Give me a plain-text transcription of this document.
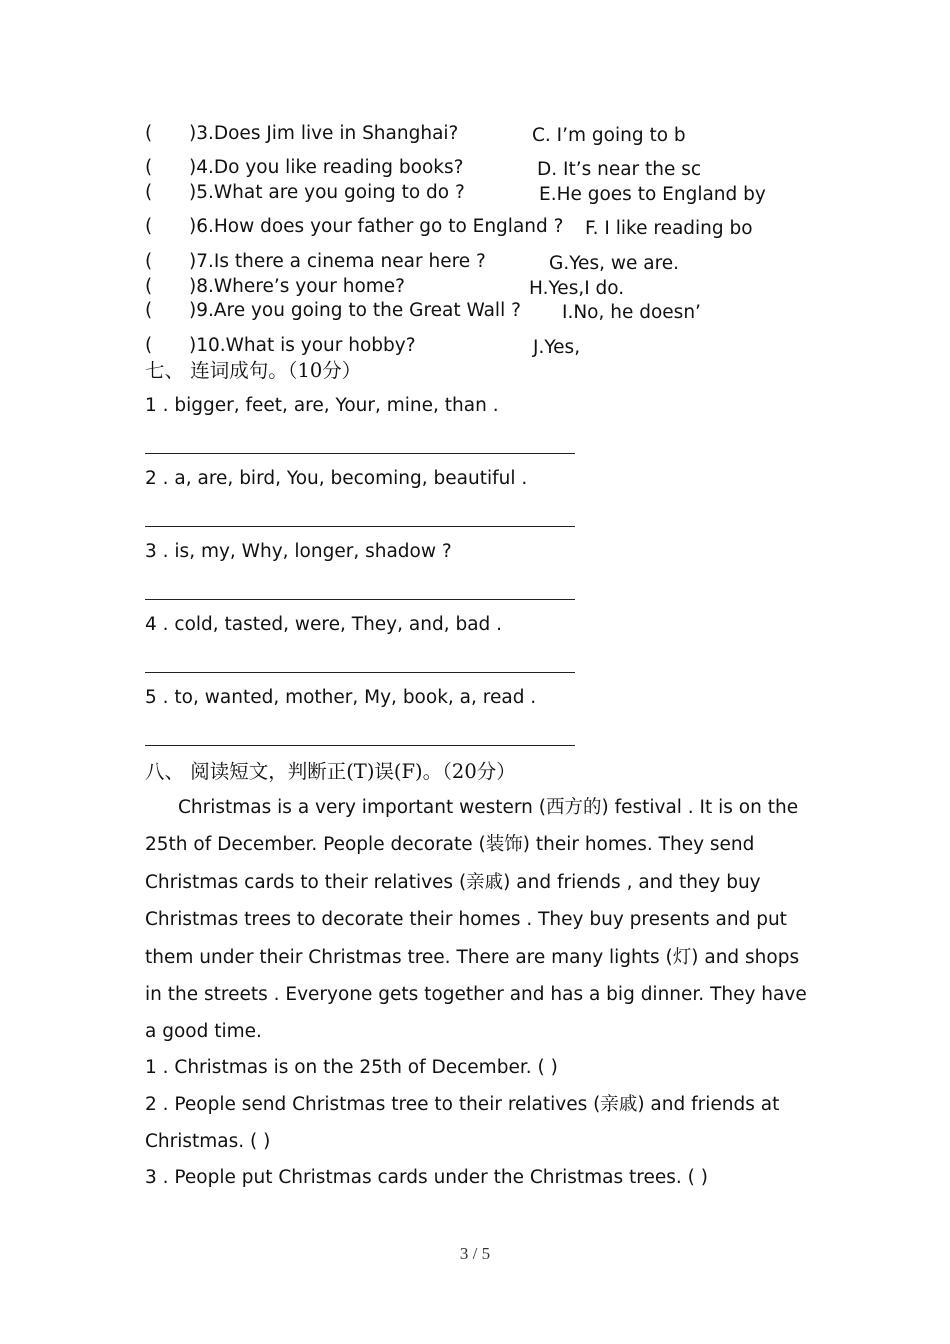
( )3.Does Jim live in Shanghai?	C. I’m going to b
( )4.Do you like reading books?	D. It’s near the sc
( )5.What are you going to do ?	E.He goes to England by
( )6.How does your father go to England ? F. I like reading bo
( )7.Is there a cinema near here ?	G.Yes, we are.
( )8.Where’s your home?	H.Yes,I do.
( )9.Are you going to the Great Wall ? I.No, he doesn’
( )10.What is your hobby?	J.Yes,
七、 连词成句。（10分）
1 . bigger, feet, are, Your, mine, than .
2 . a, are, bird, You, becoming, beautiful .
3 . is, my, Why, longer, shadow ?
4 . cold, tasted, were, They, and, bad .
5 . to, wanted, mother, My, book, a, read .
八、 阅读短文，判断正(T)误(F)。（20分）
Christmas is a very important western (西方的) festival . It is on the 25th of December. People decorate (装饰) their homes. They send Christmas cards to their relatives (亲戚) and friends , and they buy Christmas trees to decorate their homes . They buy presents and put them under their Christmas tree. There are many lights (灯) and shops in the streets . Everyone gets together and has a big dinner. They have a good time.
1 . Christmas is on the 25th of December. ( )
2 . People send Christmas tree to their relatives (亲戚) and friends at Christmas. ( )
3 . People put Christmas cards under the Christmas trees. ( )
3 / 5
